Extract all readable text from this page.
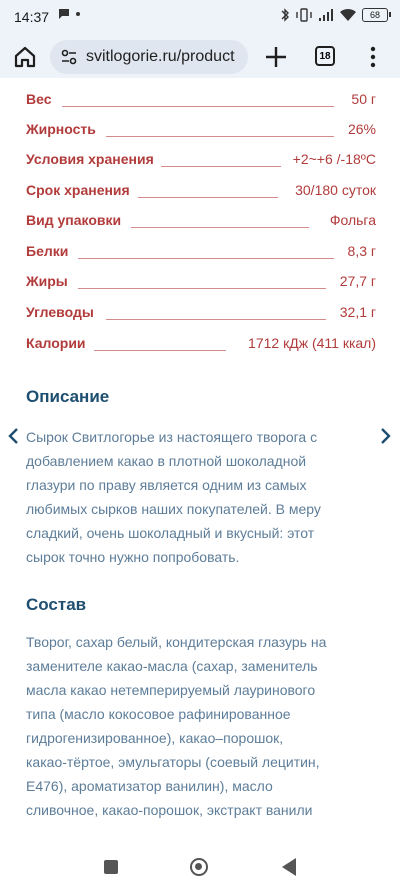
14:37	68
svitlogorie.ru/product	18
Вес	50 г
Жирность	26%
Условия хранения	+2~+6 /-18ºC
Срок хранения	30/180 суток
Вид упаковки	Фольга
Белки	8,3 г
Жиры	27,7 г
Углеводы	32,1 г
Калории	1712 кДж (411 ккал)
Описание
Сырок Свитлогорье из настоящего творога с
добавлением какао в плотной шоколадной
глазури по праву является одним из самых
любимых сырков наших покупателей. В меру
сладкий, очень шоколадный и вкусный: этот
сырок точно нужно попробовать.
Состав
Творог, сахар белый, кондитерская глазурь на
заменителе какао-масла (сахар, заменитель
масла какао нетемперируемый лауринового
типа (масло кокосовое рафинированное
гидрогенизированное), какао–порошок,
какао-тёртое, эмульгаторы (соевый лецитин,
Е476), ароматизатор ванилин), масло
сливочное, какао-порошок, экстракт ванили
